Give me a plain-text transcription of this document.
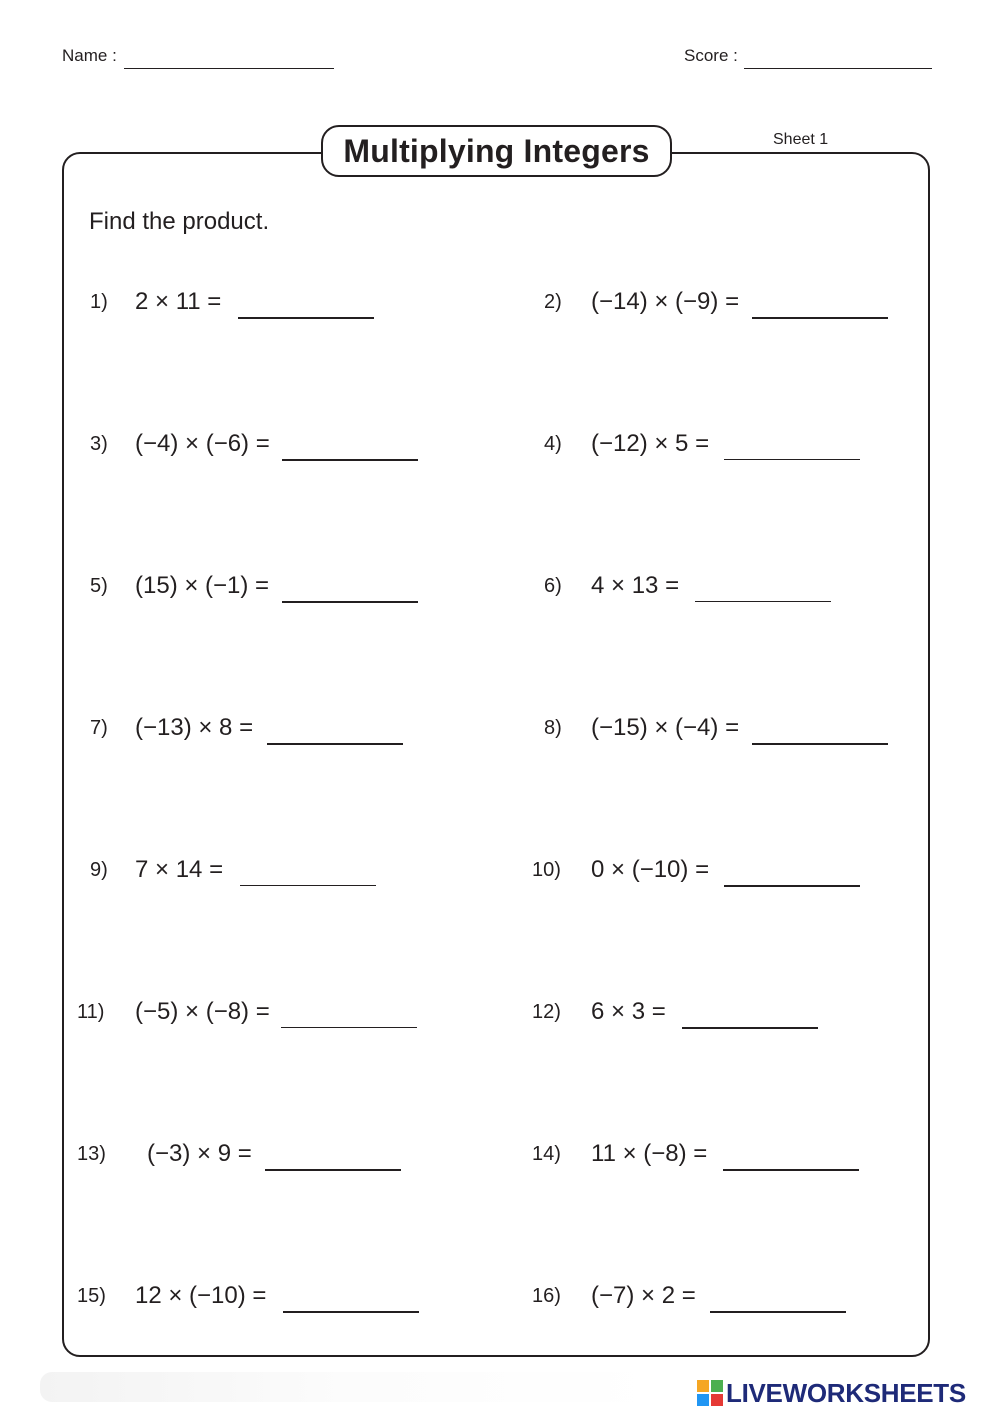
Name :	Score :
Multiplying Integers	Sheet 1
Find the product.
1) 2 × 11 =	2) (−14) × (−9) =
3) (−4) × (−6) =	4) (−12) × 5 =
5) (15) × (−1) =	6) 4 × 13 =
7) (−13) × 8 =	8) (−15) × (−4) =
9) 7 × 14 =	10) 0 × (−10) =
11) (−5) × (−8) =	12) 6 × 3 =
13) (−3) × 9 =	14) 11 × (−8) =
15) 12 × (−10) =	16) (−7) × 2 =
LIVEWORKSHEETS
